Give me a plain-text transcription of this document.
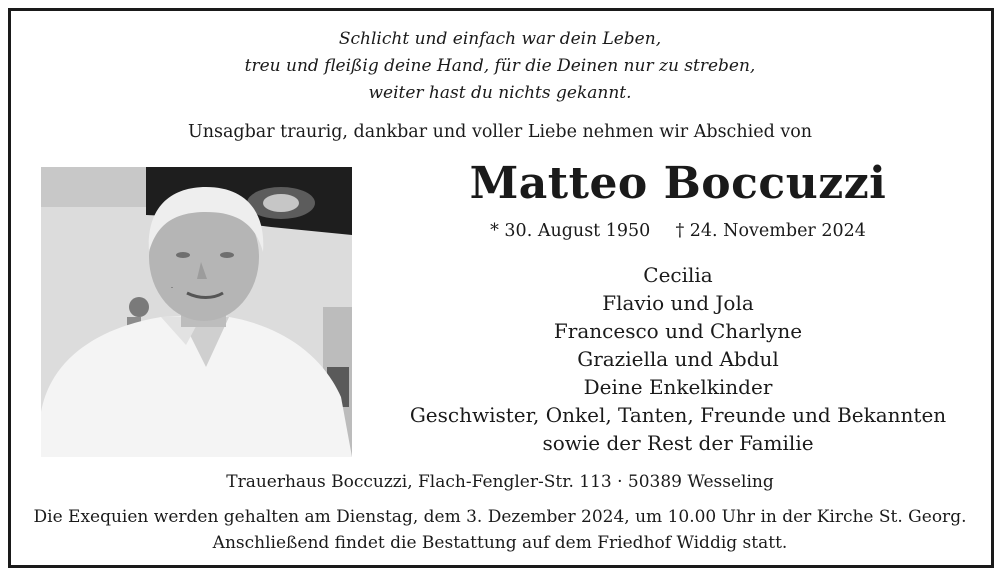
Schlicht und einfach war dein Leben,
treu und fleißig deine Hand, für die Deinen nur zu streben,
weiter hast du nichts gekannt.
Unsagbar traurig, dankbar und voller Liebe nehmen wir Abschied von
Matteo Boccuzzi
* 30. August 1950 † 24. November 2024
Cecilia
Flavio und Jola
Francesco und Charlyne
Graziella und Abdul
Deine Enkelkinder
Geschwister, Onkel, Tanten, Freunde und Bekannten
sowie der Rest der Familie
Trauerhaus Boccuzzi, Flach-Fengler-Str. 113 · 50389 Wesseling
Die Exequien werden gehalten am Dienstag, dem 3. Dezember 2024, um 10.00 Uhr in der Kirche St. Georg.
Anschließend findet die Bestattung auf dem Friedhof Widdig statt.
